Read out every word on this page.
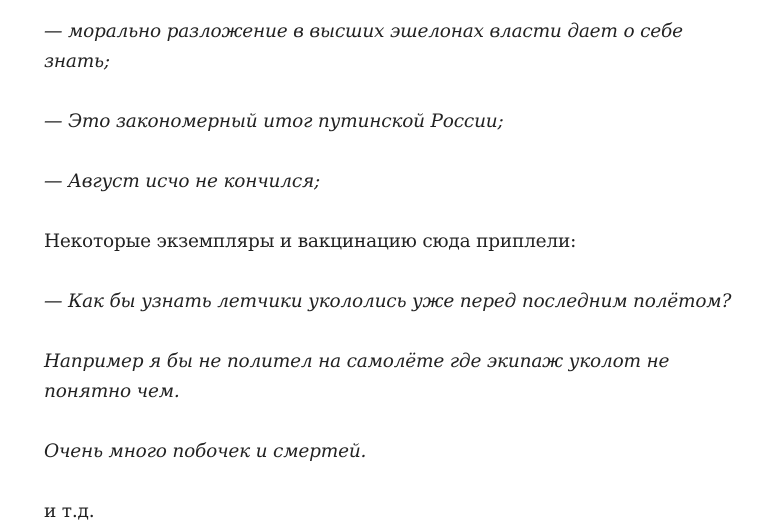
— морально разложение в высших эшелонах власти дает о себе знать;

— Это закономерный итог путинской России;

— Август исчо не кончился;

Некоторые экземпляры и вакцинацию сюда приплели:

— Как бы узнать летчики укололись уже перед последним полётом?

Например я бы не полител на самолёте где экипаж уколот не понятно чем.

Очень много побочек и смертей.

и т.д.
